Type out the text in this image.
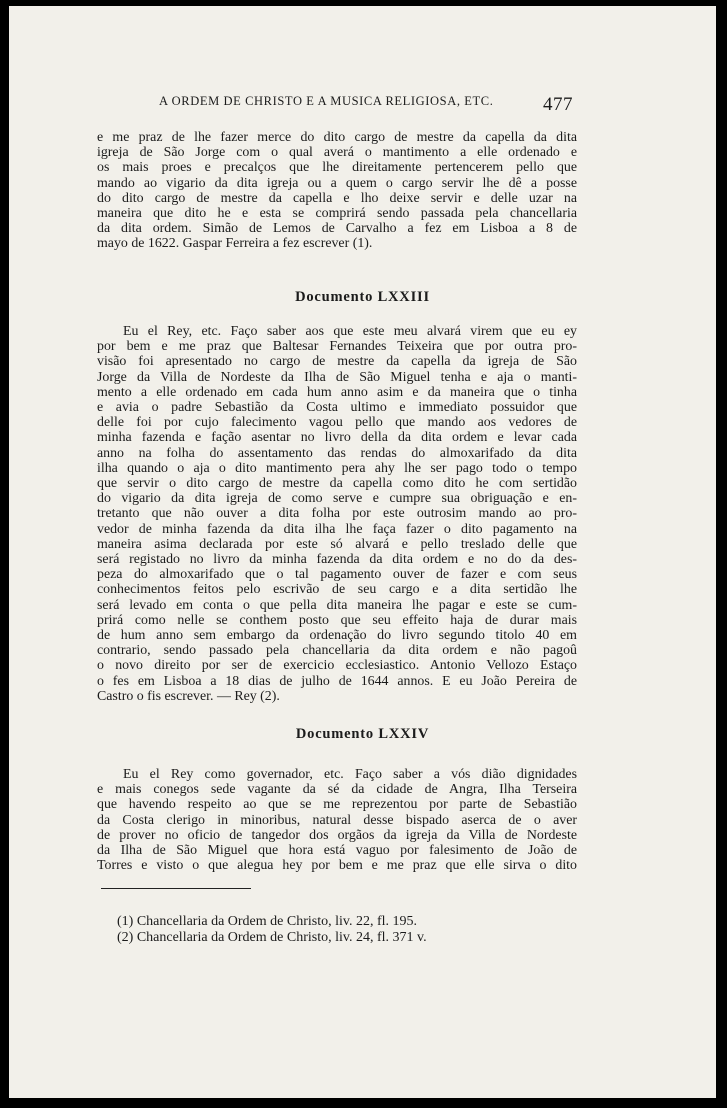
A ORDEM DE CHRISTO E A MUSICA RELIGIOSA, ETC.	477
e me praz de lhe fazer merce do dito cargo de mestre da capella da dita
igreja de São Jorge com o qual averá o mantimento a elle ordenado e
os mais proes e precalços que lhe direitamente pertencerem pello que
mando ao vigario da dita igreja ou a quem o cargo servir lhe dê a posse
do dito cargo de mestre da capella e lho deixe servir e delle uzar na
maneira que dito he e esta se comprirá sendo passada pela chancellaria
da dita ordem. Simão de Lemos de Carvalho a fez em Lisboa a 8 de
mayo de 1622. Gaspar Ferreira a fez escrever (1).
Documento LXXIII
Eu el Rey, etc. Faço saber aos que este meu alvará virem que eu ey
por bem e me praz que Baltesar Fernandes Teixeira que por outra pro-
visão foi apresentado no cargo de mestre da capella da igreja de São
Jorge da Villa de Nordeste da Ilha de São Miguel tenha e aja o manti-
mento a elle ordenado em cada hum anno asim e da maneira que o tinha
e avia o padre Sebastião da Costa ultimo e immediato possuidor que
delle foi por cujo falecimento vagou pello que mando aos vedores de
minha fazenda e fação asentar no livro della da dita ordem e levar cada
anno na folha do assentamento das rendas do almoxarifado da dita
ilha quando o aja o dito mantimento pera ahy lhe ser pago todo o tempo
que servir o dito cargo de mestre da capella como dito he com sertidão
do vigario da dita igreja de como serve e cumpre sua obriguação e en-
tretanto que não ouver a dita folha por este outrosim mando ao pro-
vedor de minha fazenda da dita ilha lhe faça fazer o dito pagamento na
maneira asima declarada por este só alvará e pello treslado delle que
será registado no livro da minha fazenda da dita ordem e no do da des-
peza do almoxarifado que o tal pagamento ouver de fazer e com seus
conhecimentos feitos pelo escrivão de seu cargo e a dita sertidão lhe
será levado em conta o que pella dita maneira lhe pagar e este se cum-
prirá como nelle se conthem posto que seu effeito haja de durar mais
de hum anno sem embargo da ordenação do livro segundo titolo 40 em
contrario, sendo passado pela chancellaria da dita ordem e não pagoû
o novo direito por ser de exercicio ecclesiastico. Antonio Vellozo Estaço
o fes em Lisboa a 18 dias de julho de 1644 annos. E eu João Pereira de
Castro o fis escrever. — Rey (2).
Documento LXXIV
Eu el Rey como governador, etc. Faço saber a vós dião dignidades
e mais conegos sede vagante da sé da cidade de Angra, Ilha Terseira
que havendo respeito ao que se me reprezentou por parte de Sebastião
da Costa clerigo in minoribus, natural desse bispado aserca de o aver
de prover no oficio de tangedor dos orgãos da igreja da Villa de Nordeste
da Ilha de São Miguel que hora está vaguo por falesimento de João de
Torres e visto o que alegua hey por bem e me praz que elle sirva o dito
(1) Chancellaria da Ordem de Christo, liv. 22, fl. 195.
(2) Chancellaria da Ordem de Christo, liv. 24, fl. 371 v.
